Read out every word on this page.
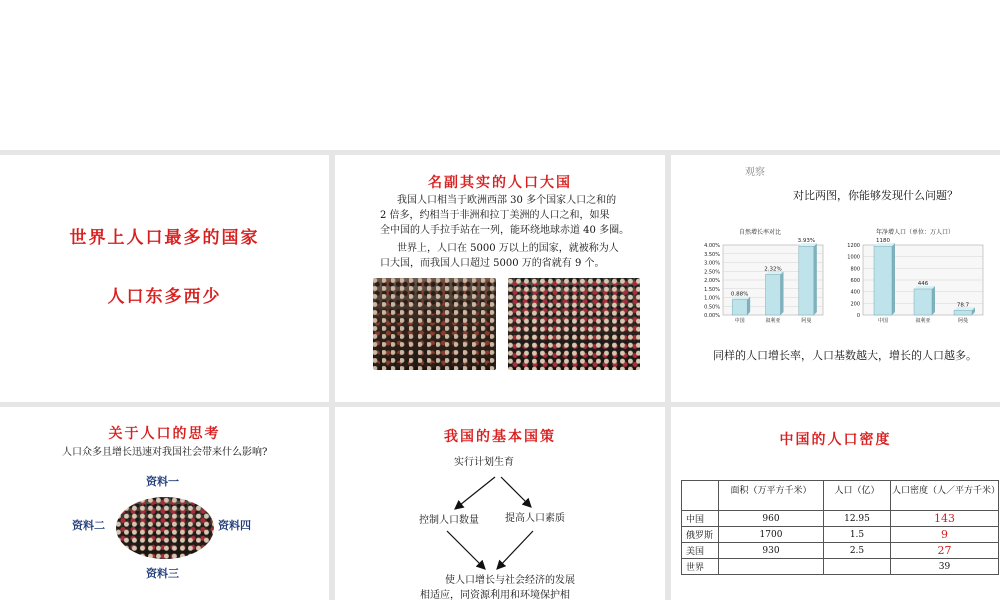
世界上人口最多的国家
人口东多西少
名副其实的人口大国
我国人口相当于欧洲西部 30 多个国家人口之和的
2 倍多，约相当于非洲和拉丁美洲的人口之和，如果
全中国的人手拉手站在一列，能环绕地球赤道 40 多圈。
世界上，人口在 5000 万以上的国家，就被称为人
口大国，而我国人口超过 5000 万的省就有 9 个。
观察
对比两图，你能够发现什么问题？
自然增长率对比
0.00%
0.50%
1.00%
1.50%
2.00%
2.50%
3.00%
3.50%
4.00%
0.88%
中国
2.32%
叙利亚
3.93%
阿曼
年净增人口（单位：万人口）
0
200
400
600
800
1000
1200
1180
中国
446
叙利亚
78.7
阿曼
同样的人口增长率，人口基数越大，增长的人口越多。
关于人口的思考
人口众多且增长迅速对我国社会带来什么影响?
资料一
资料二
资料三
资料四
我国的基本国策
实行计划生育
控制人口数量	提高人口素质
使人口增长与社会经济的发展
相适应，同资源利用和环境保护相
中国的人口密度
	面积（万平方千米）	人口（亿）	人口密度（人／平方千米）
中国	960	12.95	143
俄罗斯	1700	1.5	9
美国	930	2.5	27
世界			39
